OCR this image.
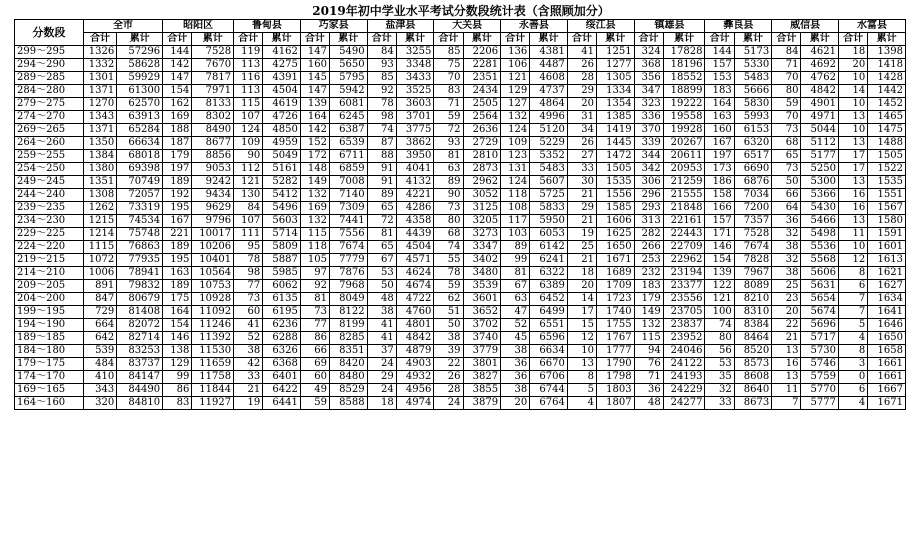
2019年初中学业水平考试分数段统计表（含照顾加分）
分数段	全市		昭阳区		鲁甸县		巧家县		盐津县		大关县		永善县		绥江县		镇雄县		彝良县		威信县		水富县	
	合计	累计	合计	累计	合计	累计	合计	累计	合计	累计	合计	累计	合计	累计	合计	累计	合计	累计	合计	累计	合计	累计	合计	累计
299～295	1326	57296	144	7528	119	4162	147	5490	84	3255	85	2206	136	4381	41	1251	324	17828	144	5173	84	4621	18	1398
294～290	1332	58628	142	7670	113	4275	160	5650	93	3348	75	2281	106	4487	26	1277	368	18196	157	5330	71	4692	20	1418
289～285	1301	59929	147	7817	116	4391	145	5795	85	3433	70	2351	121	4608	28	1305	356	18552	153	5483	70	4762	10	1428
284～280	1371	61300	154	7971	113	4504	147	5942	92	3525	83	2434	129	4737	29	1334	347	18899	183	5666	80	4842	14	1442
279～275	1270	62570	162	8133	115	4619	139	6081	78	3603	71	2505	127	4864	20	1354	323	19222	164	5830	59	4901	10	1452
274～270	1343	63913	169	8302	107	4726	164	6245	98	3701	59	2564	132	4996	31	1385	336	19558	163	5993	70	4971	13	1465
269～265	1371	65284	188	8490	124	4850	142	6387	74	3775	72	2636	124	5120	34	1419	370	19928	160	6153	73	5044	10	1475
264～260	1350	66634	187	8677	109	4959	152	6539	87	3862	93	2729	109	5229	26	1445	339	20267	167	6320	68	5112	13	1488
259～255	1384	68018	179	8856	90	5049	172	6711	88	3950	81	2810	123	5352	27	1472	344	20611	197	6517	65	5177	17	1505
254～250	1380	69398	197	9053	112	5161	148	6859	91	4041	63	2873	131	5483	33	1505	342	20953	173	6690	73	5250	17	1522
249～245	1351	70749	189	9242	121	5282	149	7008	91	4132	89	2962	124	5607	30	1535	306	21259	186	6876	50	5300	13	1535
244～240	1308	72057	192	9434	130	5412	132	7140	89	4221	90	3052	118	5725	21	1556	296	21555	158	7034	66	5366	16	1551
239～235	1262	73319	195	9629	84	5496	169	7309	65	4286	73	3125	108	5833	29	1585	293	21848	166	7200	64	5430	16	1567
234～230	1215	74534	167	9796	107	5603	132	7441	72	4358	80	3205	117	5950	21	1606	313	22161	157	7357	36	5466	13	1580
229～225	1214	75748	221	10017	111	5714	115	7556	81	4439	68	3273	103	6053	19	1625	282	22443	171	7528	32	5498	11	1591
224～220	1115	76863	189	10206	95	5809	118	7674	65	4504	74	3347	89	6142	25	1650	266	22709	146	7674	38	5536	10	1601
219～215	1072	77935	195	10401	78	5887	105	7779	67	4571	55	3402	99	6241	21	1671	253	22962	154	7828	32	5568	12	1613
214～210	1006	78941	163	10564	98	5985	97	7876	53	4624	78	3480	81	6322	18	1689	232	23194	139	7967	38	5606	8	1621
209～205	891	79832	189	10753	77	6062	92	7968	50	4674	59	3539	67	6389	20	1709	183	23377	122	8089	25	5631	6	1627
204～200	847	80679	175	10928	73	6135	81	8049	48	4722	62	3601	63	6452	14	1723	179	23556	121	8210	23	5654	7	1634
199～195	729	81408	164	11092	60	6195	73	8122	38	4760	51	3652	47	6499	17	1740	149	23705	100	8310	20	5674	7	1641
194～190	664	82072	154	11246	41	6236	77	8199	41	4801	50	3702	52	6551	15	1755	132	23837	74	8384	22	5696	5	1646
189～185	642	82714	146	11392	52	6288	86	8285	41	4842	38	3740	45	6596	12	1767	115	23952	80	8464	21	5717	4	1650
184～180	539	83253	138	11530	38	6326	66	8351	37	4879	39	3779	38	6634	10	1777	94	24046	56	8520	13	5730	8	1658
179～175	484	83737	129	11659	42	6368	69	8420	24	4903	22	3801	36	6670	13	1790	76	24122	53	8573	16	5746	3	1661
174～170	410	84147	99	11758	33	6401	60	8480	29	4932	26	3827	36	6706	8	1798	71	24193	35	8608	13	5759	0	1661
169～165	343	84490	86	11844	21	6422	49	8529	24	4956	28	3855	38	6744	5	1803	36	24229	32	8640	11	5770	6	1667
164～160	320	84810	83	11927	19	6441	59	8588	18	4974	24	3879	20	6764	4	1807	48	24277	33	8673	7	5777	4	1671
